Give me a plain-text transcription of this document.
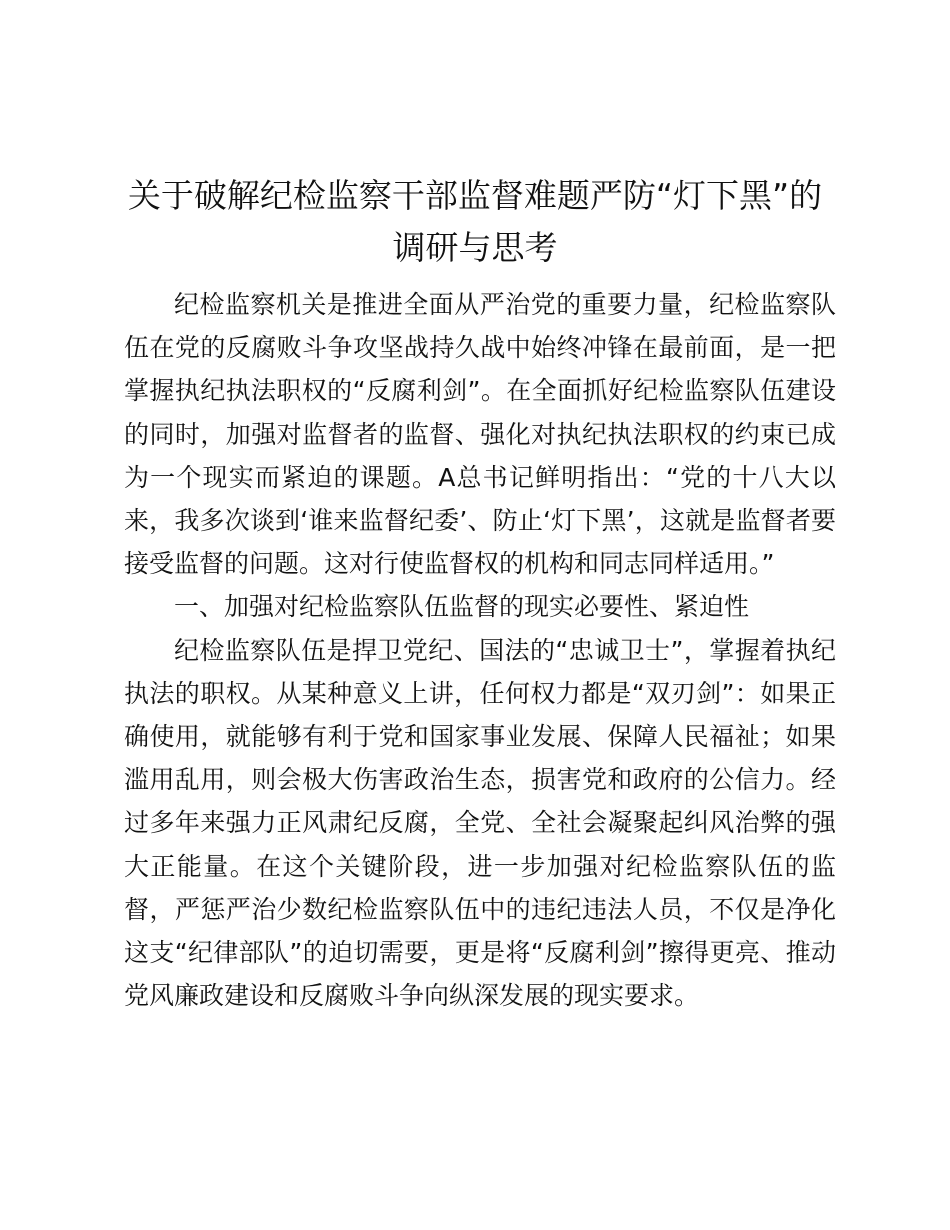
关于破解纪检监察干部监督难题严防“灯下黑”的调研与思考

纪检监察机关是推进全面从严治党的重要力量，纪检监察队伍在党的反腐败斗争攻坚战持久战中始终冲锋在最前面，是一把掌握执纪执法职权的“反腐利剑”。在全面抓好纪检监察队伍建设的同时，加强对监督者的监督、强化对执纪执法职权的约束已成为一个现实而紧迫的课题。A总书记鲜明指出：“党的十八大以来，我多次谈到‘谁来监督纪委’、防止‘灯下黑’，这就是监督者要接受监督的问题。这对行使监督权的机构和同志同样适用。”

一、加强对纪检监察队伍监督的现实必要性、紧迫性

纪检监察队伍是捍卫党纪、国法的“忠诚卫士”，掌握着执纪执法的职权。从某种意义上讲，任何权力都是“双刃剑”：如果正确使用，就能够有利于党和国家事业发展、保障人民福祉；如果滥用乱用，则会极大伤害政治生态，损害党和政府的公信力。经过多年来强力正风肃纪反腐，全党、全社会凝聚起纠风治弊的强大正能量。在这个关键阶段，进一步加强对纪检监察队伍的监督，严惩严治少数纪检监察队伍中的违纪违法人员，不仅是净化这支“纪律部队”的迫切需要，更是将“反腐利剑”擦得更亮、推动党风廉政建设和反腐败斗争向纵深发展的现实要求。
